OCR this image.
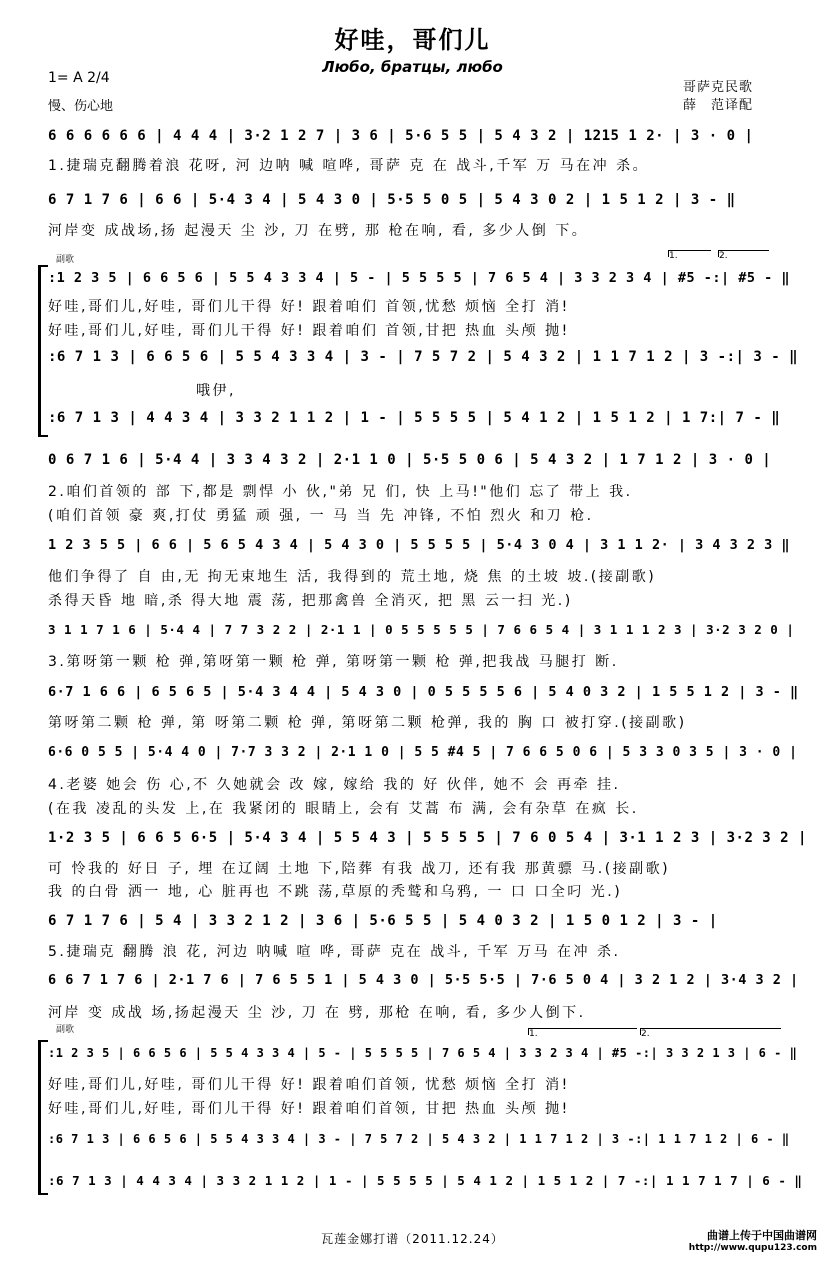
好哇，哥们儿
Любо, братцы, любо
1= A 2/4
慢、伤心地
哥萨克民歌
薛　范译配
副歌
副歌
1.	2.
1.	2.
6 6 6 6 6 6 | 4 4 4 | 3·2 1 2 7 | 3 6 | 5·6 5 5 | 5 4 3 2 | 1215 1 2· | 3 · 0 |
1.捷瑞克翻腾着浪 花呀, 河 边呐 喊 喧哗, 哥萨 克 在 战斗,千军 万 马在冲 杀。
6 7 1 7 6 | 6 6 | 5·4 3 4 | 5 4 3 0 | 5·5 5 0 5 | 5 4 3 0 2 | 1 5 1 2 | 3 - ‖
河岸变 成战场,扬 起漫天 尘 沙, 刀 在劈, 那 枪在响, 看, 多少人倒 下。
:1 2 3 5 | 6 6 5 6 | 5 5 4 3 3 4 | 5 - | 5 5 5 5 | 7 6 5 4 | 3 3 2 3 4 | #5 -:| #5 - ‖
好哇,哥们儿,好哇, 哥们儿干得 好! 跟着咱们 首领,忧愁 烦恼 全打 消!
好哇,哥们儿,好哇, 哥们儿干得 好! 跟着咱们 首领,甘把 热血 头颅 抛!
:6 7 1 3 | 6 6 5 6 | 5 5 4 3 3 4 | 3 - | 7 5 7 2 | 5 4 3 2 | 1 1 7 1 2 | 3 -:| 3 - ‖
哦伊,
:6 7 1 3 | 4 4 3 4 | 3 3 2 1 1 2 | 1 - | 5 5 5 5 | 5 4 1 2 | 1 5 1 2 | 1 7:| 7 - ‖
0 6 7 1 6 | 5·4 4 | 3 3 4 3 2 | 2·1 1 0 | 5·5 5 0 6 | 5 4 3 2 | 1 7 1 2 | 3 · 0 |
2.咱们首领的 部 下,都是 剽悍 小 伙,"弟 兄 们, 快 上马!"他们 忘了 带上 我.
(咱们首领 豪 爽,打仗 勇猛 顽 强, 一 马 当 先 冲锋, 不怕 烈火 和刀 枪.
1 2 3 5 5 | 6 6 | 5 6 5 4 3 4 | 5 4 3 0 | 5 5 5 5 | 5·4 3 0 4 | 3 1 1 2· | 3 4 3 2 3 ‖
他们争得了 自 由,无 拘无束地生 活, 我得到的 荒土地, 烧 焦 的土坡 坡.(接副歌)
杀得天昏 地 暗,杀 得大地 震 荡, 把那禽兽 全消灭, 把 黑 云一扫 光.)
3 1 1 7 1 6 | 5·4 4 | 7 7 3 2 2 | 2·1 1 | 0 5 5 5 5 5 | 7 6 6 5 4 | 3 1 1 1 2 3 | 3·2 3 2 0 |
3.第呀第一颗 枪 弹,第呀第一颗 枪 弹, 第呀第一颗 枪 弹,把我战 马腿打 断.
6·7 1 6 6 | 6 5 6 5 | 5·4 3 4 4 | 5 4 3 0 | 0 5 5 5 5 6 | 5 4 0 3 2 | 1 5 5 1 2 | 3 - ‖
第呀第二颗 枪 弹, 第 呀第二颗 枪 弹, 第呀第二颗 枪弹, 我的 胸 口 被打穿.(接副歌)
6·6 0 5 5 | 5·4 4 0 | 7·7 3 3 2 | 2·1 1 0 | 5 5 #4 5 | 7 6 6 5 0 6 | 5 3 3 0 3 5 | 3 · 0 |
4.老婆 她会 伤 心,不 久她就会 改 嫁, 嫁给 我的 好 伙伴, 她不 会 再牵 挂.
(在我 凌乱的头发 上,在 我紧闭的 眼睛上, 会有 艾蒿 布 满, 会有杂草 在疯 长.
1·2 3 5 | 6 6 5 6·5 | 5·4 3 4 | 5 5 4 3 | 5 5 5 5 | 7 6 0 5 4 | 3·1 1 2 3 | 3·2 3 2 |
可 怜我的 好日 子, 埋 在辽阔 土地 下,陪葬 有我 战刀, 还有我 那黄骠 马.(接副歌)
我 的白骨 洒一 地, 心 脏再也 不跳 荡,草原的秃鹫和乌鸦, 一 口 口全叼 光.)
6 7 1 7 6 | 5 4 | 3 3 2 1 2 | 3 6 | 5·6 5 5 | 5 4 0 3 2 | 1 5 0 1 2 | 3 - |
5.捷瑞克 翻腾 浪 花, 河边 呐喊 喧 哗, 哥萨 克在 战斗, 千军 万马 在冲 杀.
6 6 7 1 7 6 | 2·1 7 6 | 7 6 5 5 1 | 5 4 3 0 | 5·5 5·5 | 7·6 5 0 4 | 3 2 1 2 | 3·4 3 2 |
河岸 变 成战 场,扬起漫天 尘 沙, 刀 在 劈, 那枪 在响, 看, 多少人倒下.
:1 2 3 5 | 6 6 5 6 | 5 5 4 3 3 4 | 5 - | 5 5 5 5 | 7 6 5 4 | 3 3 2 3 4 | #5 -:| 3 3 2 1 3 | 6 - ‖
好哇,哥们儿,好哇, 哥们儿干得 好! 跟着咱们首领, 忧愁 烦恼 全打 消!
好哇,哥们儿,好哇, 哥们儿干得 好! 跟着咱们首领, 甘把 热血 头颅 抛!
:6 7 1 3 | 6 6 5 6 | 5 5 4 3 3 4 | 3 - | 7 5 7 2 | 5 4 3 2 | 1 1 7 1 2 | 3 -:| 1 1 7 1 2 | 6 - ‖
:6 7 1 3 | 4 4 3 4 | 3 3 2 1 1 2 | 1 - | 5 5 5 5 | 5 4 1 2 | 1 5 1 2 | 7 -:| 1 1 7 1 7 | 6 - ‖
瓦莲金娜打谱（2011.12.24）	曲谱上传于中国曲谱网
http://www.qupu123.com
